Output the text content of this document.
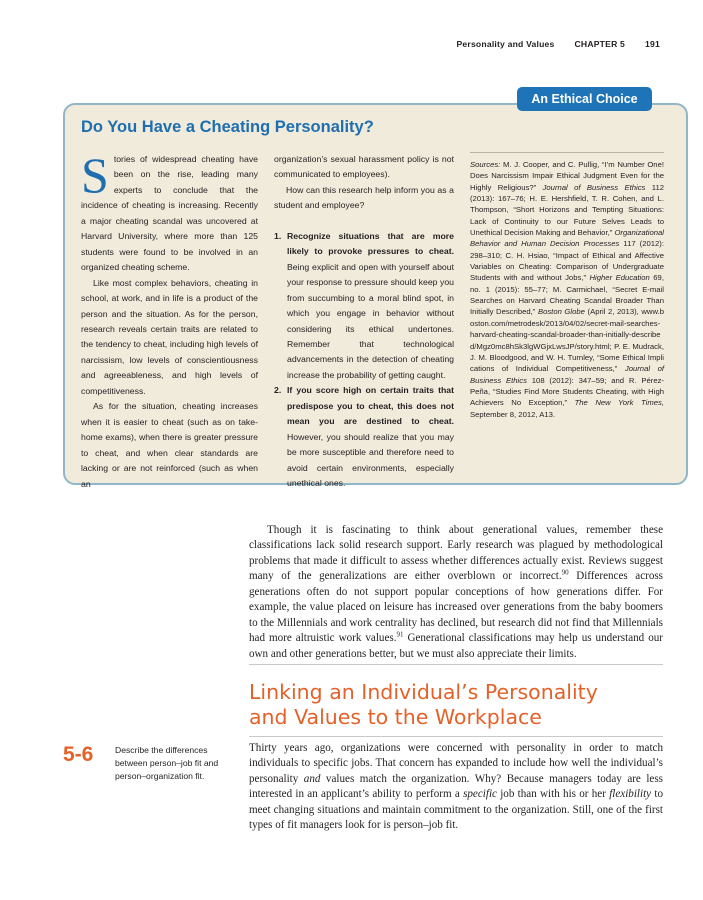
Personality and Values CHAPTER 5 191
An Ethical Choice
Do You Have a Cheating Personality?

Stories of widespread cheating have been on the rise, leading many experts to conclude that the incidence of cheating is increasing. Recently a major cheating scandal was uncovered at Harvard University, where more than 125 students were found to be involved in an organized cheating scheme.

Like most complex behaviors, cheating in school, at work, and in life is a product of the person and the situation. As for the person, research reveals certain traits are related to the tendency to cheat, including high levels of narcissism, low levels of conscientiousness and agreeableness, and high levels of competitiveness.

As for the situation, cheating increases when it is easier to cheat (such as on take-home exams), when there is greater pressure to cheat, and when clear standards are lacking or are not reinforced (such as when an

organization’s sexual harassment policy is not communicated to employees).

How can this research help inform you as a student and employee?

1. Recognize situations that are more likely to provoke pressures to cheat. Being explicit and open with yourself about your response to pressure should keep you from succumbing to a moral blind spot, in which you engage in behavior without considering its ethical undertones. Remember that technological advancements in the detection of cheating increase the probability of getting caught.
2. If you score high on certain traits that predispose you to cheat, this does not mean you are destined to cheat. However, you should realize that you may be more susceptible and therefore need to avoid certain environments, especially unethical ones.
Sources: M. J. Cooper, and C. Pullig, “I’m Number One! Does Narcissism Impair Ethical Judgment Even for the Highly Religious?” Journal of Business Ethics 112 (2013): 167–76; H. E. Hershfield, T. R. Cohen, and L. Thompson, “Short Horizons and Tempting Situations: Lack of Continuity to our Future Selves Leads to Unethical Decision Making and Behavior,” Organizational Behavior and Human Decision Processes 117 (2012): 298–310; C. H. Hsiao, “Impact of Ethical and Affective Variables on Cheating: Comparison of Undergraduate Students with and without Jobs,” Higher Education 69, no. 1 (2015): 55–77; M. Carmichael, “Secret E-mail Searches on Harvard Cheating Scandal Broader Than Initially Described,” Boston Globe (April 2, 2013), www.boston.com/metrodesk/2013/04/02/secret-mail-searches-harvard-cheating-scandal-broader-than-initially-described/Mgz0mc8hSk3lgWGjxLwsJP/story.html; P. E. Mudrack, J. M. Bloodgood, and W. H. Turnley, “Some Ethical Implications of Individual Competitiveness,” Journal of Business Ethics 108 (2012): 347–59; and R. Pérez-Peña, “Studies Find More Students Cheating, with High Achievers No Exception,” The New York Times, September 8, 2012, A13.
Though it is fascinating to think about generational values, remember these classifications lack solid research support. Early research was plagued by methodological problems that made it difficult to assess whether differences actually exist. Reviews suggest many of the generalizations are either overblown or incorrect.$^{90}$ Differences across generations often do not support popular conceptions of how generations differ. For example, the value placed on leisure has increased over generations from the baby boomers to the Millennials and work centrality has declined, but research did not find that Millennials had more altruistic work values.$^{91}$ Generational classifications may help us understand our own and other generations better, but we must also appreciate their limits.
Linking an Individual’s Personality
and Values to the Workplace
5-6	Describe the differences between person–job fit and person–organization fit.
Thirty years ago, organizations were concerned with personality in order to match individuals to specific jobs. That concern has expanded to include how well the individual’s personality and values match the organization. Why? Because managers today are less interested in an applicant’s ability to perform a specific job than with his or her flexibility to meet changing situations and maintain commitment to the organization. Still, one of the first types of fit managers look for is person–job fit.
